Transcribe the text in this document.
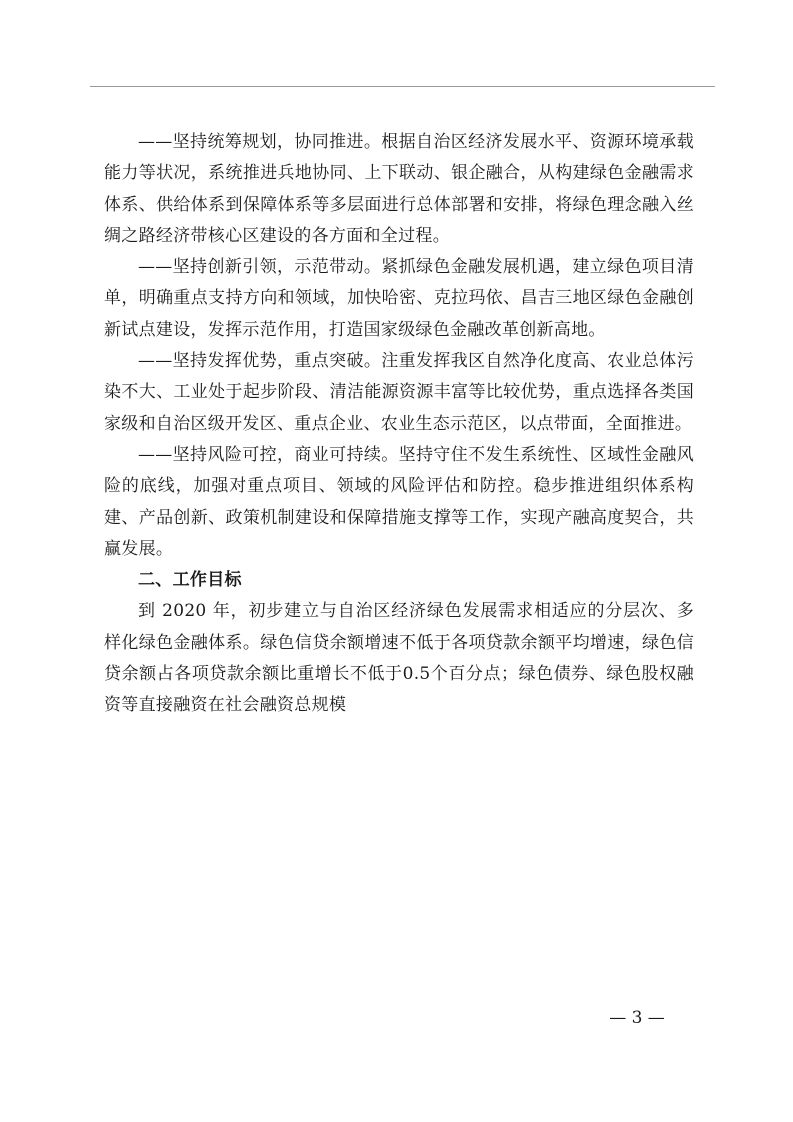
——坚持统筹规划，协同推进。根据自治区经济发展水平、资源环境承载能力等状况，系统推进兵地协同、上下联动、银企融合，从构建绿色金融需求体系、供给体系到保障体系等多层面进行总体部署和安排，将绿色理念融入丝绸之路经济带核心区建设的各方面和全过程。

——坚持创新引领，示范带动。紧抓绿色金融发展机遇，建立绿色项目清单，明确重点支持方向和领域，加快哈密、克拉玛依、昌吉三地区绿色金融创新试点建设，发挥示范作用，打造国家级绿色金融改革创新高地。

——坚持发挥优势，重点突破。注重发挥我区自然净化度高、农业总体污染不大、工业处于起步阶段、清洁能源资源丰富等比较优势，重点选择各类国家级和自治区级开发区、重点企业、农业生态示范区，以点带面，全面推进。

——坚持风险可控，商业可持续。坚持守住不发生系统性、区域性金融风险的底线，加强对重点项目、领域的风险评估和防控。稳步推进组织体系构建、产品创新、政策机制建设和保障措施支撑等工作，实现产融高度契合，共赢发展。

二、工作目标

到 2020 年，初步建立与自治区经济绿色发展需求相适应的分层次、多样化绿色金融体系。绿色信贷余额增速不低于各项贷款余额平均增速，绿色信贷余额占各项贷款余额比重增长不低于0.5个百分点；绿色债券、绿色股权融资等直接融资在社会融资总规模

— 3 —
